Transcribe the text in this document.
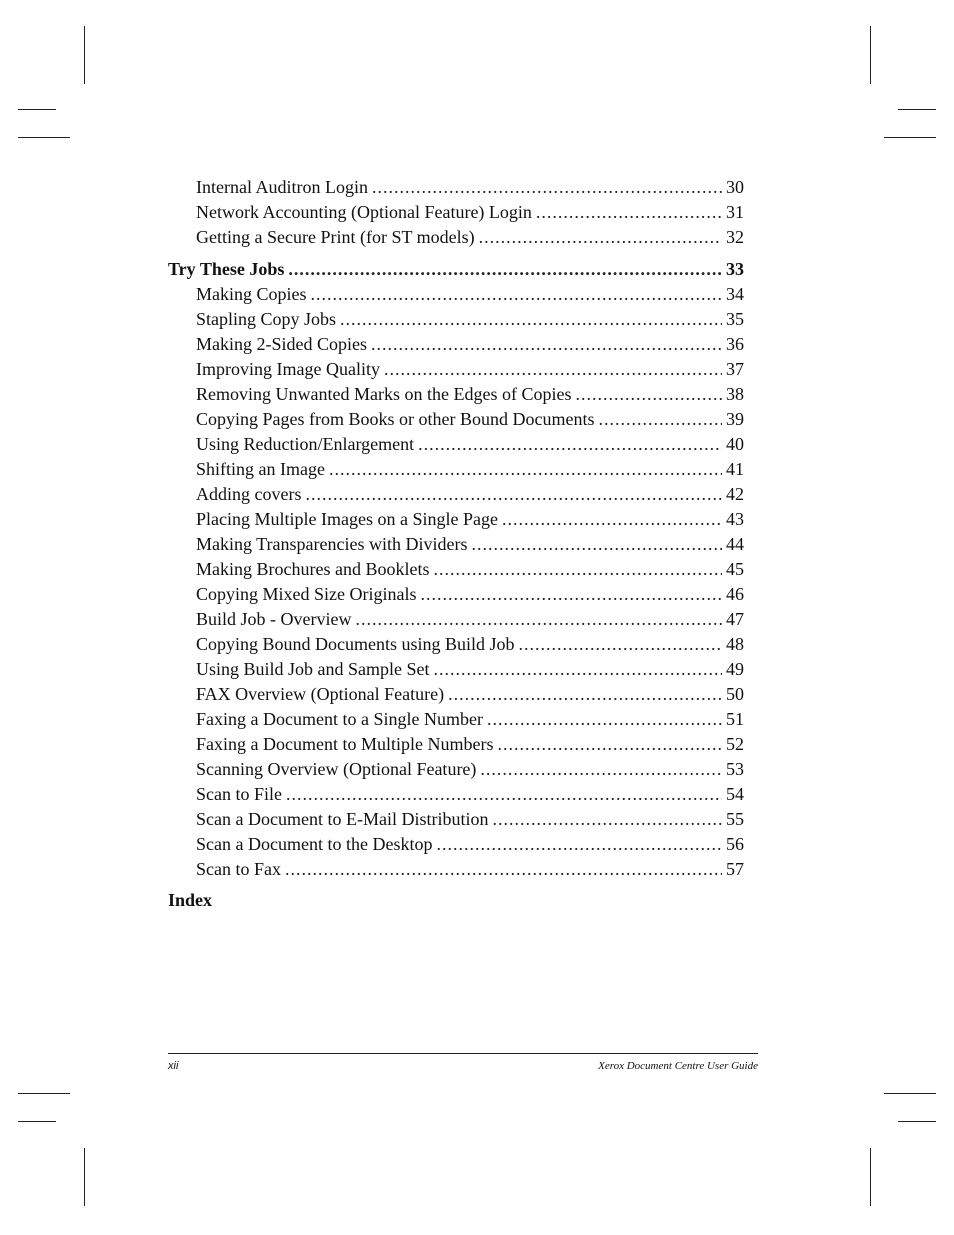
Internal Auditron Login .....	30
Network Accounting (Optional Feature) Login .....	31
Getting a Secure Print (for ST models) .....	32
Try These Jobs .....	33
Making Copies .....	34
Stapling Copy Jobs .....	35
Making 2-Sided Copies .....	36
Improving Image Quality .....	37
Removing Unwanted Marks on the Edges of Copies .....	38
Copying Pages from Books or other Bound Documents .....	39
Using Reduction/Enlargement .....	40
Shifting an Image .....	41
Adding covers .....	42
Placing Multiple Images on a Single Page .....	43
Making Transparencies with Dividers .....	44
Making Brochures and Booklets .....	45
Copying Mixed Size Originals .....	46
Build Job - Overview .....	47
Copying Bound Documents using Build Job .....	48
Using Build Job and Sample Set .....	49
FAX Overview (Optional Feature) .....	50
Faxing a Document to a Single Number .....	51
Faxing a Document to Multiple Numbers .....	52
Scanning Overview (Optional Feature) .....	53
Scan to File .....	54
Scan a Document to E-Mail Distribution .....	55
Scan a Document to the Desktop .....	56
Scan to Fax .....	57
Index
xii	Xerox Document Centre User Guide
